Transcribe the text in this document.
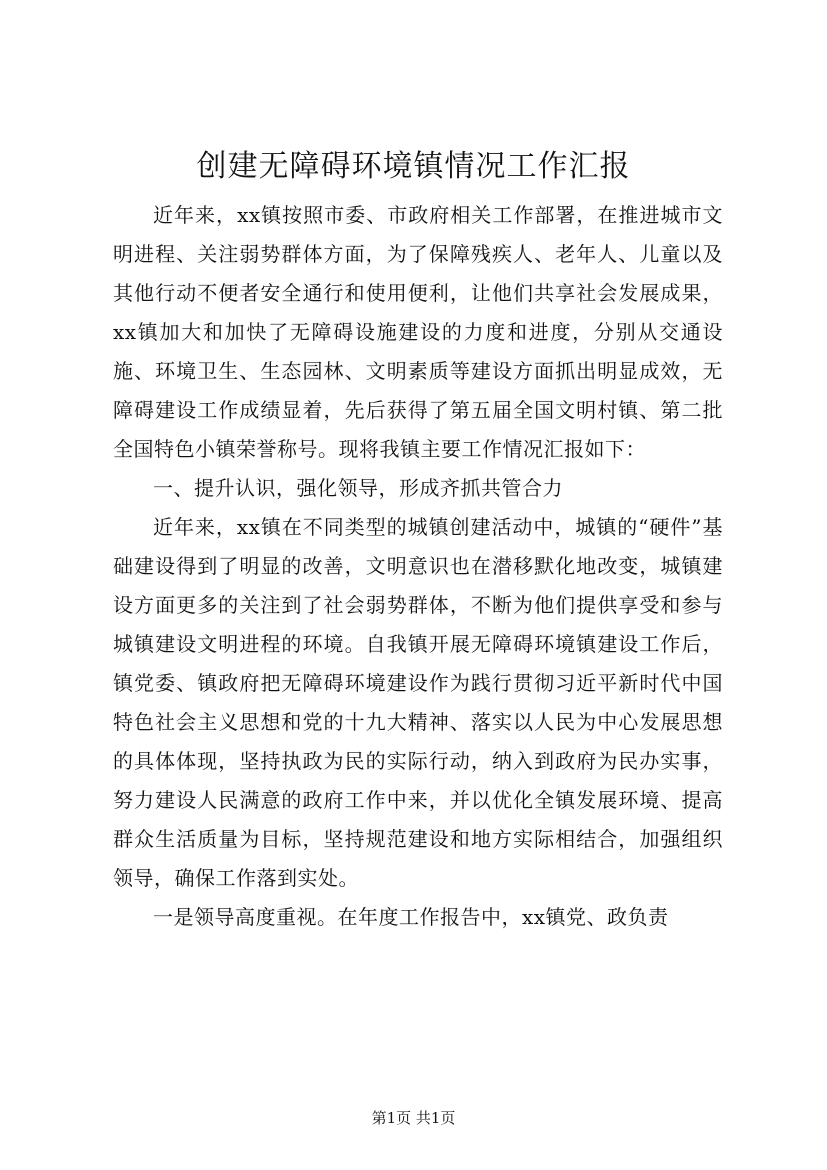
创建无障碍环境镇情况工作汇报

近年来，xx镇按照市委、市政府相关工作部署，在推进城市文明进程、关注弱势群体方面，为了保障残疾人、老年人、儿童以及其他行动不便者安全通行和使用便利，让他们共享社会发展成果，xx镇加大和加快了无障碍设施建设的力度和进度，分别从交通设施、环境卫生、生态园林、文明素质等建设方面抓出明显成效，无障碍建设工作成绩显着，先后获得了第五届全国文明村镇、第二批全国特色小镇荣誉称号。现将我镇主要工作情况汇报如下：

一、提升认识，强化领导，形成齐抓共管合力

近年来，xx镇在不同类型的城镇创建活动中，城镇的“硬件”基础建设得到了明显的改善，文明意识也在潜移默化地改变，城镇建设方面更多的关注到了社会弱势群体，不断为他们提供享受和参与城镇建设文明进程的环境。自我镇开展无障碍环境镇建设工作后，镇党委、镇政府把无障碍环境建设作为践行贯彻习近平新时代中国特色社会主义思想和党的十九大精神、落实以人民为中心发展思想的具体体现，坚持执政为民的实际行动，纳入到政府为民办实事，努力建设人民满意的政府工作中来，并以优化全镇发展环境、提高群众生活质量为目标，坚持规范建设和地方实际相结合，加强组织领导，确保工作落到实处。

一是领导高度重视。在年度工作报告中，xx镇党、政负责

第1页 共1页
